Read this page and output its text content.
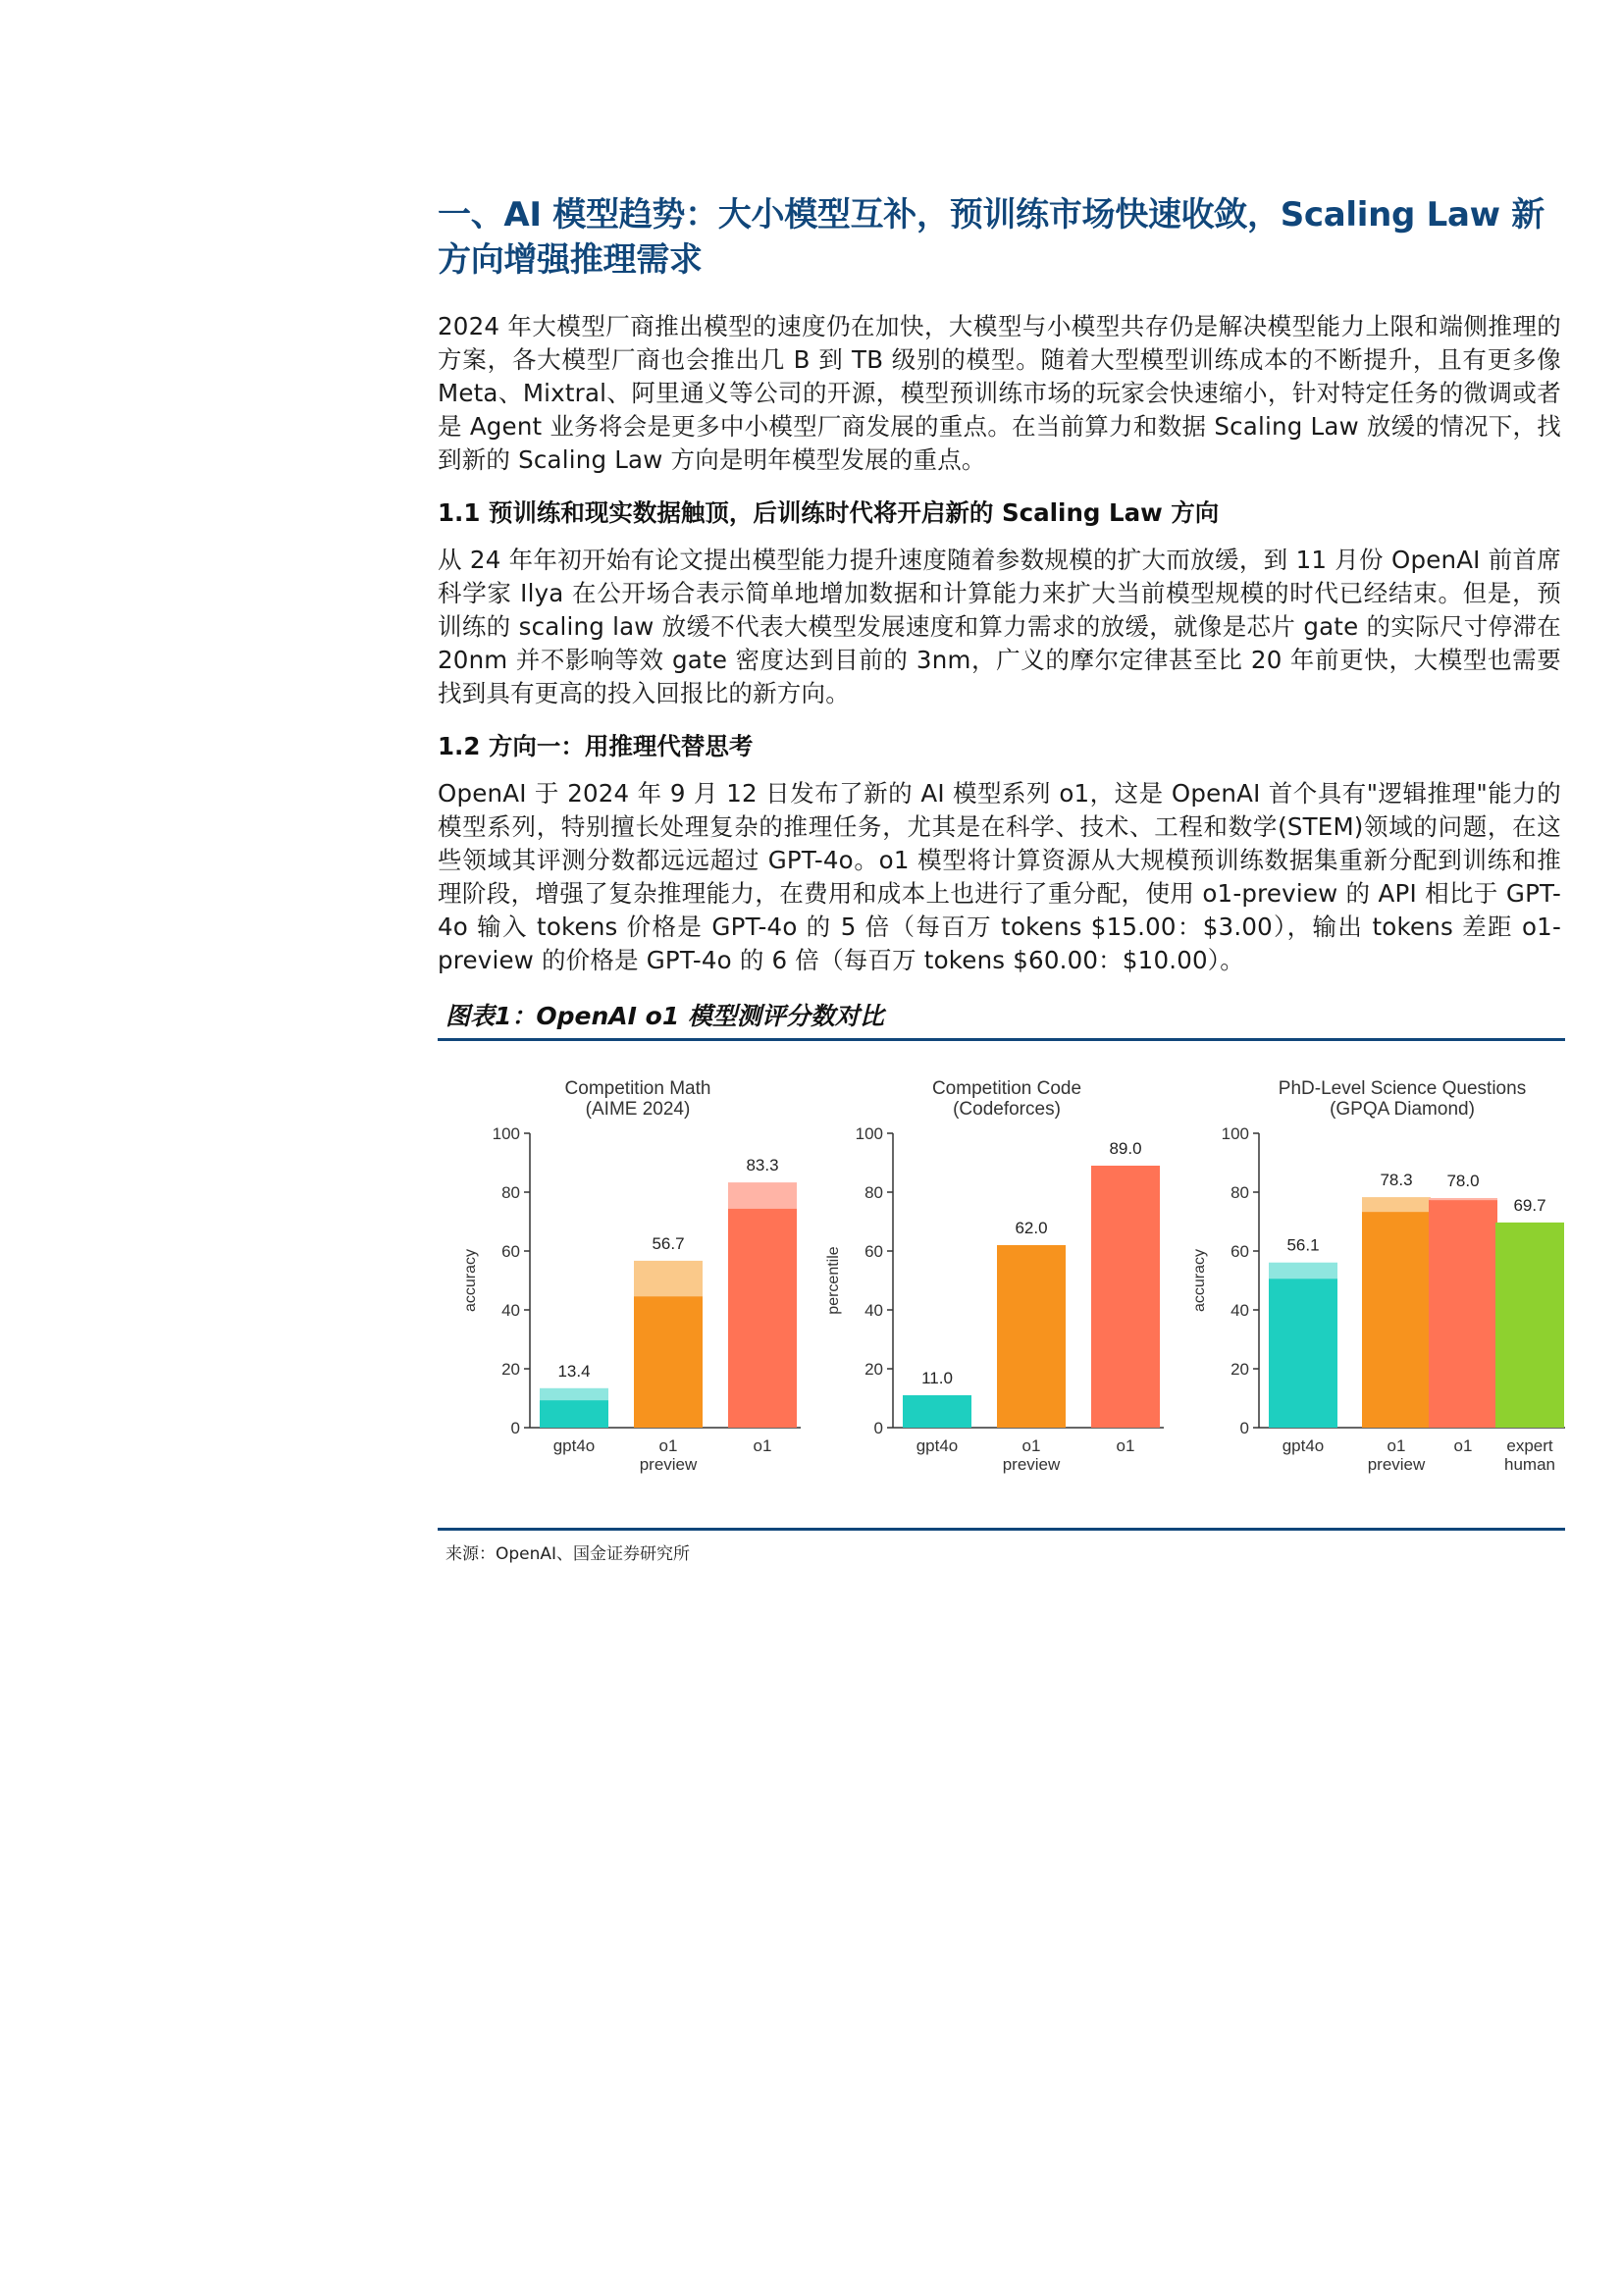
一、AI 模型趋势：大小模型互补，预训练市场快速收敛，Scaling Law 新方向增强推理需求

2024 年大模型厂商推出模型的速度仍在加快，大模型与小模型共存仍是解决模型能力上限和端侧推理的方案，各大模型厂商也会推出几 B 到 TB 级别的模型。随着大型模型训练成本的不断提升，且有更多像 Meta、Mixtral、阿里通义等公司的开源，模型预训练市场的玩家会快速缩小，针对特定任务的微调或者是 Agent 业务将会是更多中小模型厂商发展的重点。在当前算力和数据 Scaling Law 放缓的情况下，找到新的 Scaling Law 方向是明年模型发展的重点。

1.1 预训练和现实数据触顶，后训练时代将开启新的 Scaling Law 方向

从 24 年年初开始有论文提出模型能力提升速度随着参数规模的扩大而放缓，到 11 月份 OpenAI 前首席科学家 Ilya 在公开场合表示简单地增加数据和计算能力来扩大当前模型规模的时代已经结束。但是，预训练的 scaling law 放缓不代表大模型发展速度和算力需求的放缓，就像是芯片 gate 的实际尺寸停滞在 20nm 并不影响等效 gate 密度达到目前的 3nm，广义的摩尔定律甚至比 20 年前更快，大模型也需要找到具有更高的投入回报比的新方向。

1.2 方向一：用推理代替思考

OpenAI 于 2024 年 9 月 12 日发布了新的 AI 模型系列 o1，这是 OpenAI 首个具有"逻辑推理"能力的模型系列，特别擅长处理复杂的推理任务，尤其是在科学、技术、工程和数学(STEM)领域的问题，在这些领域其评测分数都远远超过 GPT-4o。o1 模型将计算资源从大规模预训练数据集重新分配到训练和推理阶段，增强了复杂推理能力，在费用和成本上也进行了重分配，使用 o1-preview 的 API 相比于 GPT-4o 输入 tokens 价格是 GPT-4o 的 5 倍（每百万 tokens $15.00：$3.00），输出 tokens 差距 o1-preview 的价格是 GPT-4o 的 6 倍（每百万 tokens $60.00：$10.00）。

图表1：OpenAI o1 模型测评分数对比
Competition Math
(AIME 2024)
accuracy
0
20
40
60
80
100
13.4
gpt4o
56.7
o1
preview
83.3
o1
Competition Code
(Codeforces)
percentile
0
20
40
60
80
100
11.0
gpt4o
62.0
o1
preview
89.0
o1
PhD-Level Science Questions
(GPQA Diamond)
accuracy
0
20
40
60
80
100
56.1
gpt4o
78.3
o1
preview
78.0
o1
69.7
expert
human
来源：OpenAI、国金证券研究所
